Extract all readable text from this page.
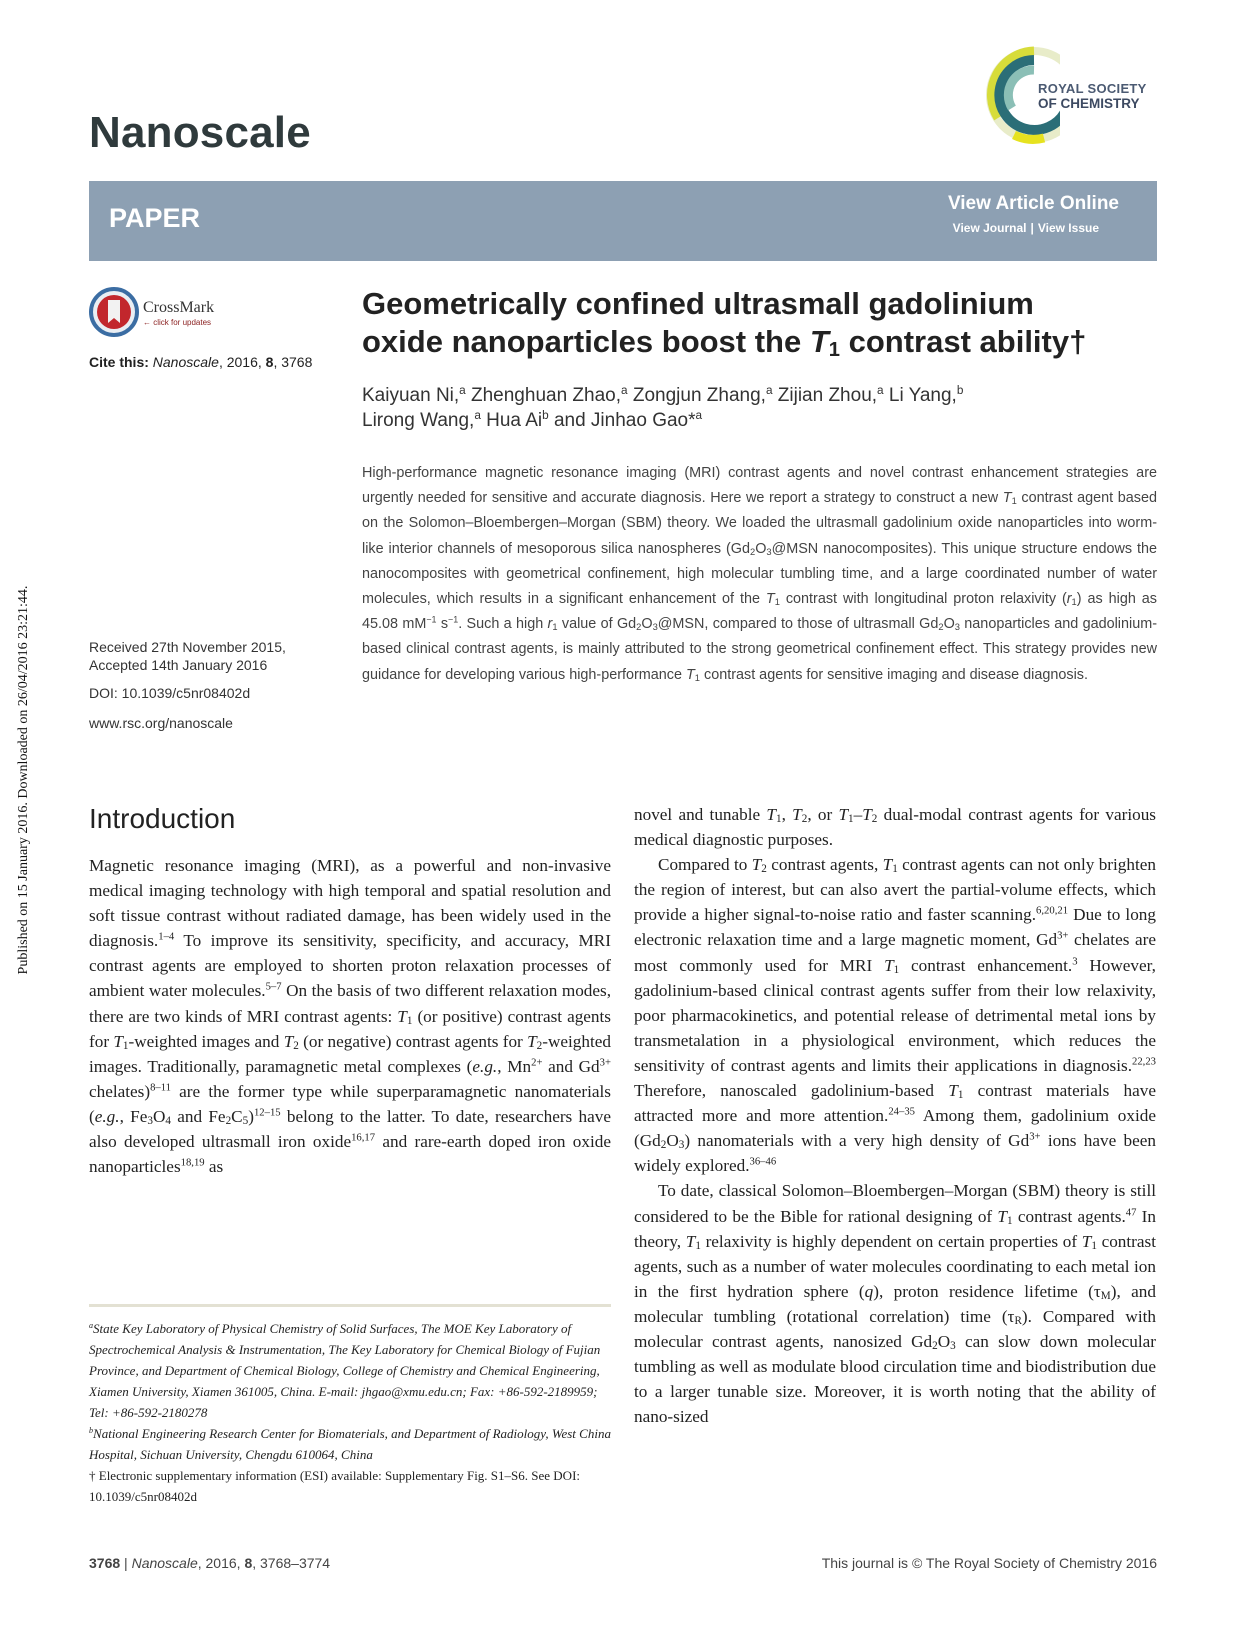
Published on 15 January 2016. Downloaded on 26/04/2016 23:21:44.
Nanoscale
ROYAL SOCIETY
OF CHEMISTRY
PAPER	View Article Online
View Journal | View Issue
CrossMark
← click for updates
Cite this: Nanoscale, 2016, 8, 3768
Geometrically confined ultrasmall gadolinium
oxide nanoparticles boost the $T_1$ contrast ability†
Kaiyuan Ni,$^a$ Zhenghuan Zhao,$^a$ Zongjun Zhang,$^a$ Zijian Zhou,$^a$ Li Yang,$^b$
Lirong Wang,$^a$ Hua Ai$^b$ and Jinhao Gao*$^a$
High-performance magnetic resonance imaging (MRI) contrast agents and novel contrast enhancement strategies are urgently needed for sensitive and accurate diagnosis. Here we report a strategy to construct a new $T_1$ contrast agent based on the Solomon–Bloembergen–Morgan (SBM) theory. We loaded the ultrasmall gadolinium oxide nanoparticles into worm-like interior channels of mesoporous silica nanospheres ($Gd_2O_3@MSN$ nanocomposites). This unique structure endows the nanocomposites with geometrical confinement, high molecular tumbling time, and a large coordinated number of water molecules, which results in a significant enhancement of the $T_1$ contrast with longitudinal proton relaxivity $(r_1)$ as high as 45.08 $mM^{-1}$ $s^{-1}$. Such a high $r_1$ value of $Gd_2O_3@MSN$, compared to those of ultrasmall $Gd_2O_3$ nanoparticles and gadolinium-based clinical contrast agents, is mainly attributed to the strong geometrical confinement effect. This strategy provides new guidance for developing various high-performance $T_1$ contrast agents for sensitive imaging and disease diagnosis.
Received 27th November 2015,
Accepted 14th January 2016
DOI: 10.1039/c5nr08402d
www.rsc.org/nanoscale
Introduction

Magnetic resonance imaging (MRI), as a powerful and non-invasive medical imaging technology with high temporal and spatial resolution and soft tissue contrast without radiated damage, has been widely used in the diagnosis.$^{1-4}$ To improve its sensitivity, specificity, and accuracy, MRI contrast agents are employed to shorten proton relaxation processes of ambient water molecules.$^{5-7}$ On the basis of two different relaxation modes, there are two kinds of MRI contrast agents: $T_1$ (or positive) contrast agents for $T_1$-weighted images and $T_2$ (or negative) contrast agents for $T_2$-weighted images. Traditionally, paramagnetic metal complexes (e.g., $Mn^{2+}$ and $Gd^{3+}$ chelates)$^{8-11}$ are the former type while superparamagnetic nanomaterials (e.g., $Fe_3O_4$ and $Fe_2C_5)^{12-15}$ belong to the latter. To date, researchers have also developed ultrasmall iron oxide$^{16,17}$ and rare-earth doped iron oxide nanoparticles$^{18,19}$ as

novel and tunable $T_1$, $T_2$, or $T_1-T_2$ dual-modal contrast agents for various medical diagnostic purposes.

Compared to $T_2$ contrast agents, $T_1$ contrast agents can not only brighten the region of interest, but can also avert the partial-volume effects, which provide a higher signal-to-noise ratio and faster scanning.$^{6,20,21}$ Due to long electronic relaxation time and a large magnetic moment, $Gd^{3+}$ chelates are most commonly used for MRI $T_1$ contrast enhancement.$^3$ However, gadolinium-based clinical contrast agents suffer from their low relaxivity, poor pharmacokinetics, and potential release of detrimental metal ions by transmetalation in a physiological environment, which reduces the sensitivity of contrast agents and limits their applications in diagnosis.$^{22,23}$ Therefore, nanoscaled gadolinium-based $T_1$ contrast materials have attracted more and more attention.$^{24-35}$ Among them, gadolinium oxide $(Gd_2O_3)$ nanomaterials with a very high density of $Gd^{3+}$ ions have been widely explored.$^{36-46}$

To date, classical Solomon–Bloembergen–Morgan (SBM) theory is still considered to be the Bible for rational designing of $T_1$ contrast agents.$^{47}$ In theory, $T_1$ relaxivity is highly dependent on certain properties of $T_1$ contrast agents, such as a number of water molecules coordinating to each metal ion in the first hydration sphere (q), proton residence lifetime $(\tau_M)$, and molecular tumbling (rotational correlation) time $(\tau_R)$. Compared with molecular contrast agents, nanosized $Gd_2O_3$ can slow down molecular tumbling as well as modulate blood circulation time and biodistribution due to a larger tunable size. Moreover, it is worth noting that the ability of nano-sized

$^a$State Key Laboratory of Physical Chemistry of Solid Surfaces, The MOE Key Laboratory of Spectrochemical Analysis & Instrumentation, The Key Laboratory for Chemical Biology of Fujian Province, and Department of Chemical Biology, College of Chemistry and Chemical Engineering, Xiamen University, Xiamen 361005, China. E-mail: jhgao@xmu.edu.cn; Fax: +86-592-2189959; Tel: +86-592-2180278

$^b$National Engineering Research Center for Biomaterials, and Department of Radiology, West China Hospital, Sichuan University, Chengdu 610064, China

† Electronic supplementary information (ESI) available: Supplementary Fig. S1–S6. See DOI: 10.1039/c5nr08402d

3768 | Nanoscale, 2016, 8, 3768–3774	This journal is © The Royal Society of Chemistry 2016
